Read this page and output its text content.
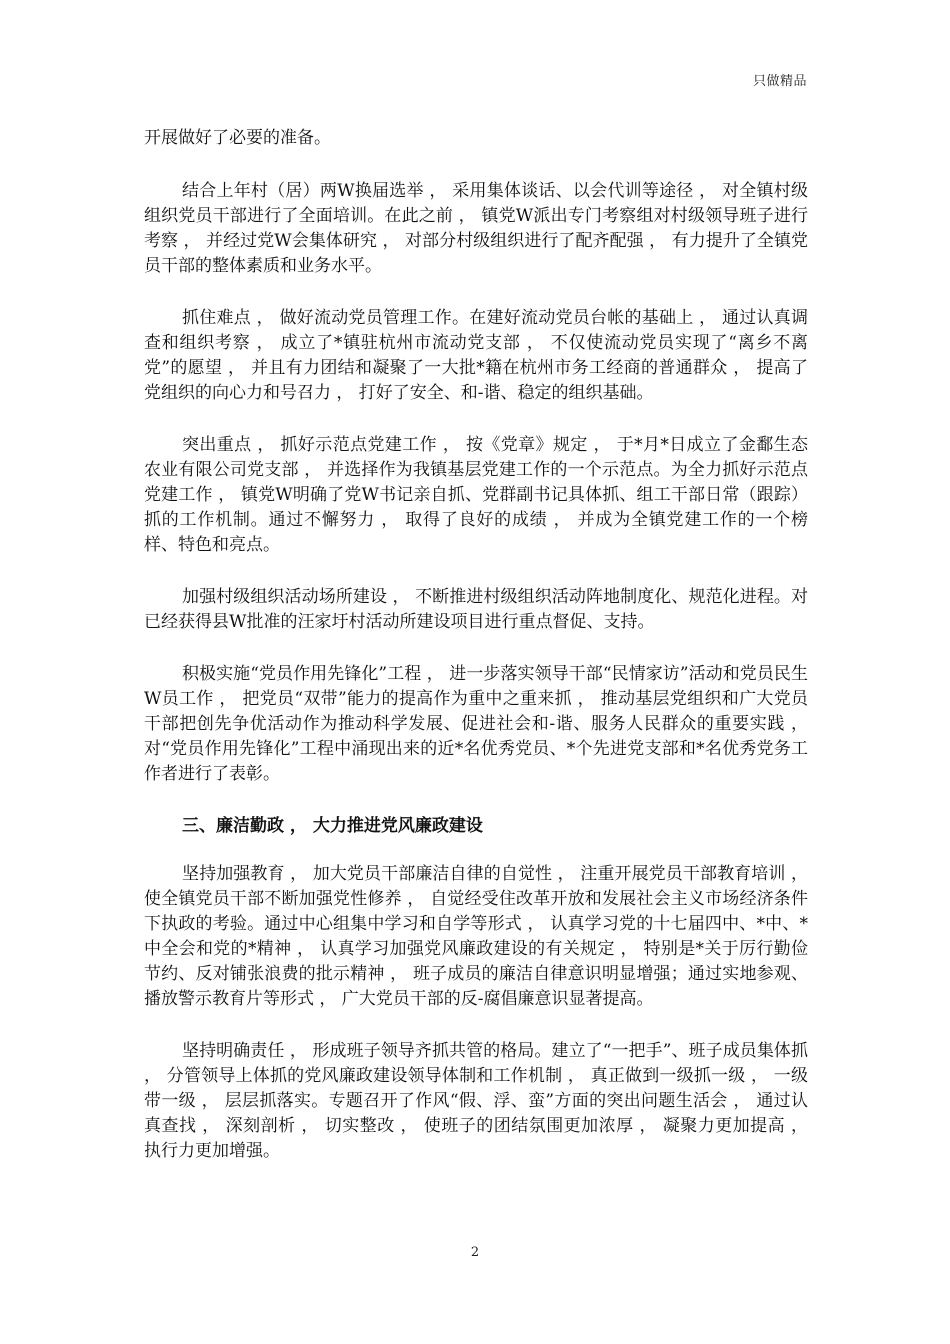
只做精品

开展做好了必要的准备。

结合上年村（居）两W换届选举 ， 采用集体谈话、以会代训等途径 ， 对全镇村级组织党员干部进行了全面培训。在此之前 ， 镇党W派出专门考察组对村级领导班子进行考察 ， 并经过党W会集体研究 ， 对部分村级组织进行了配齐配强 ， 有力提升了全镇党员干部的整体素质和业务水平。

抓住难点 ， 做好流动党员管理工作。在建好流动党员台帐的基础上 ， 通过认真调查和组织考察 ， 成立了*镇驻杭州市流动党支部 ， 不仅使流动党员实现了“离乡不离党”的愿望 ， 并且有力团结和凝聚了一大批*籍在杭州市务工经商的普通群众 ， 提高了党组织的向心力和号召力 ， 打好了安全、和-谐、稳定的组织基础。

突出重点 ， 抓好示范点党建工作 ， 按《党章》规定 ， 于*月*日成立了金鄱生态农业有限公司党支部 ， 并选择作为我镇基层党建工作的一个示范点。为全力抓好示范点党建工作 ， 镇党W明确了党W书记亲自抓、党群副书记具体抓、组工干部日常（跟踪）抓的工作机制。通过不懈努力 ， 取得了良好的成绩 ， 并成为全镇党建工作的一个榜样、特色和亮点。

加强村级组织活动场所建设 ， 不断推进村级组织活动阵地制度化、规范化进程。对已经获得县W批准的汪家圩村活动所建设项目进行重点督促、支持。

积极实施“党员作用先锋化”工程 ， 进一步落实领导干部“民情家访”活动和党员民生W员工作 ， 把党员“双带”能力的提高作为重中之重来抓 ， 推动基层党组织和广大党员干部把创先争优活动作为推动科学发展、促进社会和-谐、服务人民群众的重要实践 ， 对“党员作用先锋化”工程中涌现出来的近*名优秀党员、*个先进党支部和*名优秀党务工作者进行了表彰。

三、廉洁勤政 ， 大力推进党风廉政建设

坚持加强教育 ， 加大党员干部廉洁自律的自觉性 ， 注重开展党员干部教育培训 ， 使全镇党员干部不断加强党性修养 ， 自觉经受住改革开放和发展社会主义市场经济条件下执政的考验。通过中心组集中学习和自学等形式 ， 认真学习党的十七届四中、*中、*中全会和党的*精神 ， 认真学习加强党风廉政建设的有关规定 ， 特别是*关于厉行勤俭节约、反对铺张浪费的批示精神 ， 班子成员的廉洁自律意识明显增强；通过实地参观、播放警示教育片等形式 ， 广大党员干部的反-腐倡廉意识显著提高。

坚持明确责任 ， 形成班子领导齐抓共管的格局。建立了“一把手”、班子成员集体抓 ， 分管领导上体抓的党风廉政建设领导体制和工作机制 ， 真正做到一级抓一级 ， 一级带一级 ， 层层抓落实。专题召开了作风“假、浮、蛮”方面的突出问题生活会 ， 通过认真查找 ， 深刻剖析 ， 切实整改 ， 使班子的团结氛围更加浓厚 ， 凝聚力更加提高 ， 执行力更加增强。

2
